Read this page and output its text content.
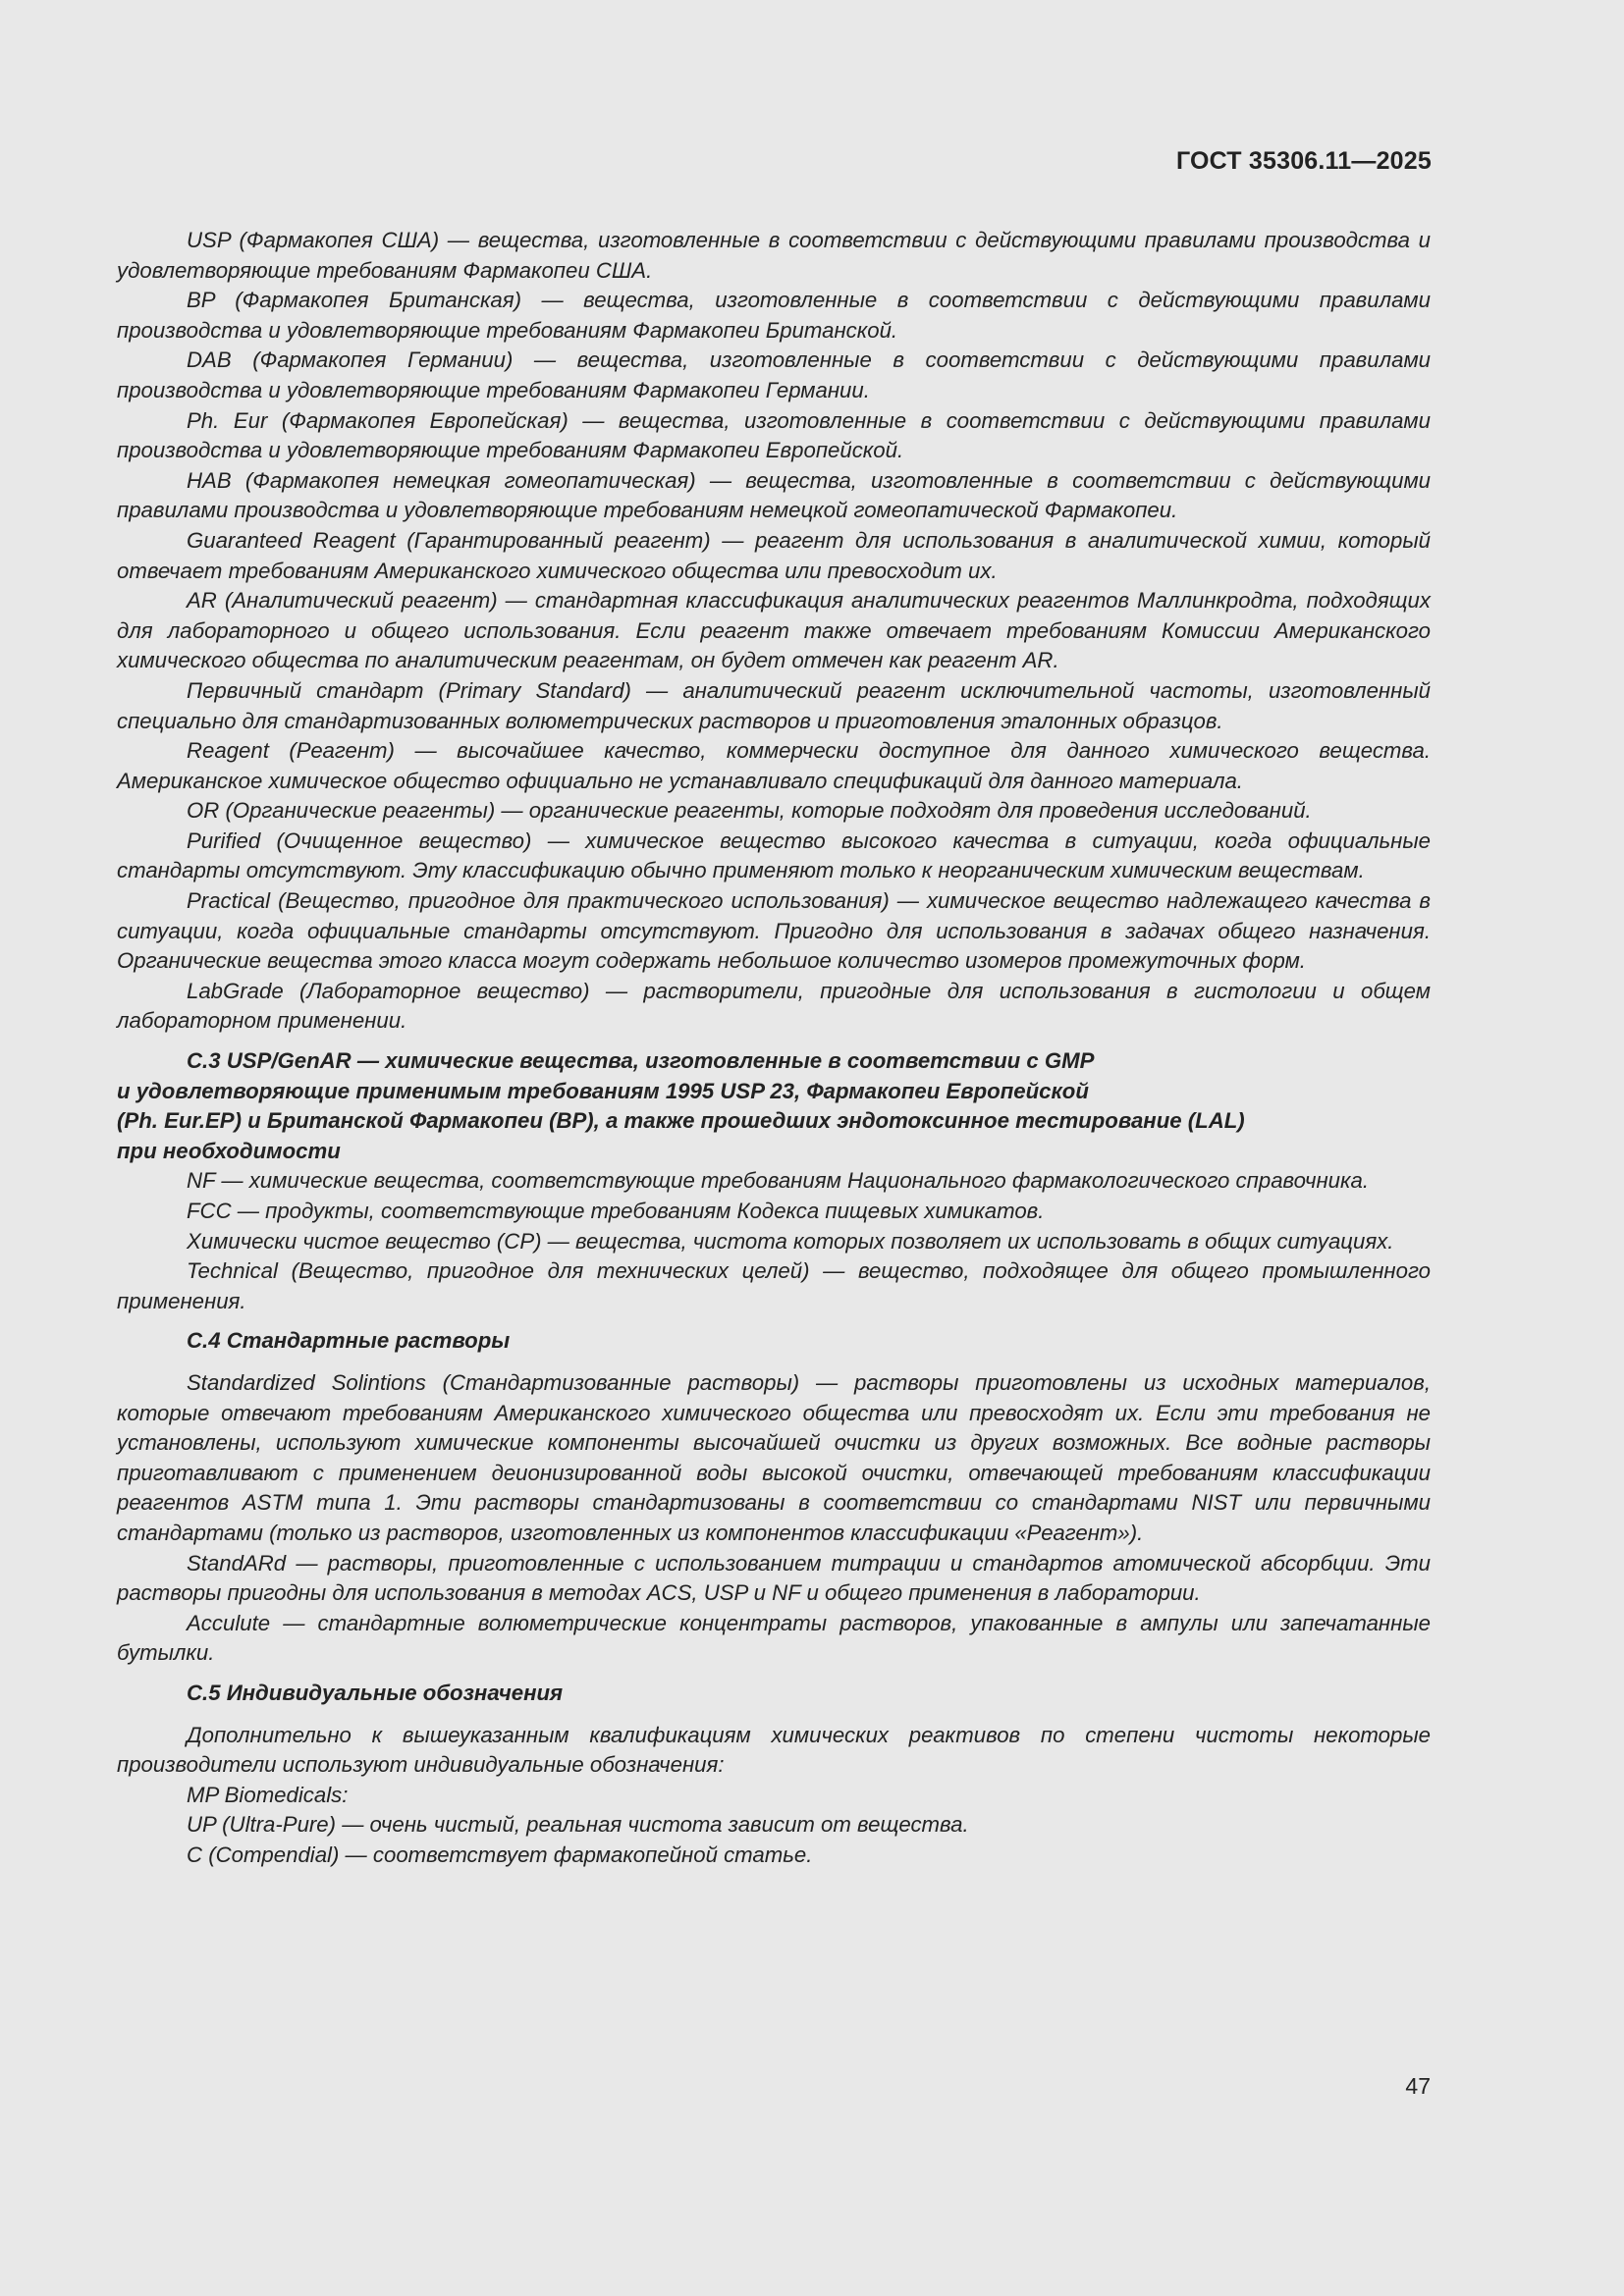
ГОСТ 35306.11—2025

USP (Фармакопея США) — вещества, изготовленные в соответствии с действующими правилами производства и удовлетворяющие требованиям Фармакопеи США.

BP (Фармакопея Британская) — вещества, изготовленные в соответствии с действующими правилами производства и удовлетворяющие требованиям Фармакопеи Британской.

DAB (Фармакопея Германии) — вещества, изготовленные в соответствии с действующими правилами производства и удовлетворяющие требованиям Фармакопеи Германии.

Ph. Eur (Фармакопея Европейская) — вещества, изготовленные в соответствии с действующими правилами производства и удовлетворяющие требованиям Фармакопеи Европейской.

HAB (Фармакопея немецкая гомеопатическая) — вещества, изготовленные в соответствии с действующими правилами производства и удовлетворяющие требованиям немецкой гомеопатической Фармакопеи.

Guaranteed Reagent (Гарантированный реагент) — реагент для использования в аналитической химии, который отвечает требованиям Американского химического общества или превосходит их.

AR (Аналитический реагент) — стандартная классификация аналитических реагентов Маллинкродта, подходящих для лабораторного и общего использования. Если реагент также отвечает требованиям Комиссии Американского химического общества по аналитическим реагентам, он будет отмечен как реагент AR.

Первичный стандарт (Primary Standard) — аналитический реагент исключительной частоты, изготовленный специально для стандартизованных волюметрических растворов и приготовления эталонных образцов.

Reagent (Реагент) — высочайшее качество, коммерчески доступное для данного химического вещества. Американское химическое общество официально не устанавливало спецификаций для данного материала.

OR (Органические реагенты) — органические реагенты, которые подходят для проведения исследований.

Purified (Очищенное вещество) — химическое вещество высокого качества в ситуации, когда официальные стандарты отсутствуют. Эту классификацию обычно применяют только к неорганическим химическим веществам.

Practical (Вещество, пригодное для практического использования) — химическое вещество надлежащего качества в ситуации, когда официальные стандарты отсутствуют. Пригодно для использования в задачах общего назначения. Органические вещества этого класса могут содержать небольшое количество изомеров промежуточных форм.

LabGrade (Лабораторное вещество) — растворители, пригодные для использования в гистологии и общем лабораторном применении.

С.3 USP/GenAR — химические вещества, изготовленные в соответствии с GMP

и удовлетворяющие применимым требованиям 1995 USP 23, Фармакопеи Европейской

(Ph. Eur.EP) и Британской Фармакопеи (BP), а также прошедших эндотоксинное тестирование (LAL)

при необходимости

NF — химические вещества, соответствующие требованиям Национального фармакологического справочника.

FCC — продукты, соответствующие требованиям Кодекса пищевых химикатов.

Химически чистое вещество (CP) — вещества, чистота которых позволяет их использовать в общих ситуациях.

Technical (Вещество, пригодное для технических целей) — вещество, подходящее для общего промышленного применения.

С.4 Стандартные растворы

Standardized Solintions (Стандартизованные растворы) — растворы приготовлены из исходных материалов, которые отвечают требованиям Американского химического общества или превосходят их. Если эти требования не установлены, используют химические компоненты высочайшей очистки из других возможных. Все водные растворы приготавливают с применением деионизированной воды высокой очистки, отвечающей требованиям классификации реагентов ASTM типа 1. Эти растворы стандартизованы в соответствии со стандартами NIST или первичными стандартами (только из растворов, изготовленных из компонентов классификации «Реагент»).

StandARd — растворы, приготовленные с использованием титрации и стандартов атомической абсорбции. Эти растворы пригодны для использования в методах ACS, USP и NF и общего применения в лаборатории.

Acculute — стандартные волюметрические концентраты растворов, упакованные в ампулы или запечатанные бутылки.

С.5 Индивидуальные обозначения

Дополнительно к вышеуказанным квалификациям химических реактивов по степени чистоты некоторые производители используют индивидуальные обозначения:

MP Biomedicals:

UP (Ultra-Pure) — очень чистый, реальная чистота зависит от вещества.

C (Compendial) — соответствует фармакопейной статье.

47
